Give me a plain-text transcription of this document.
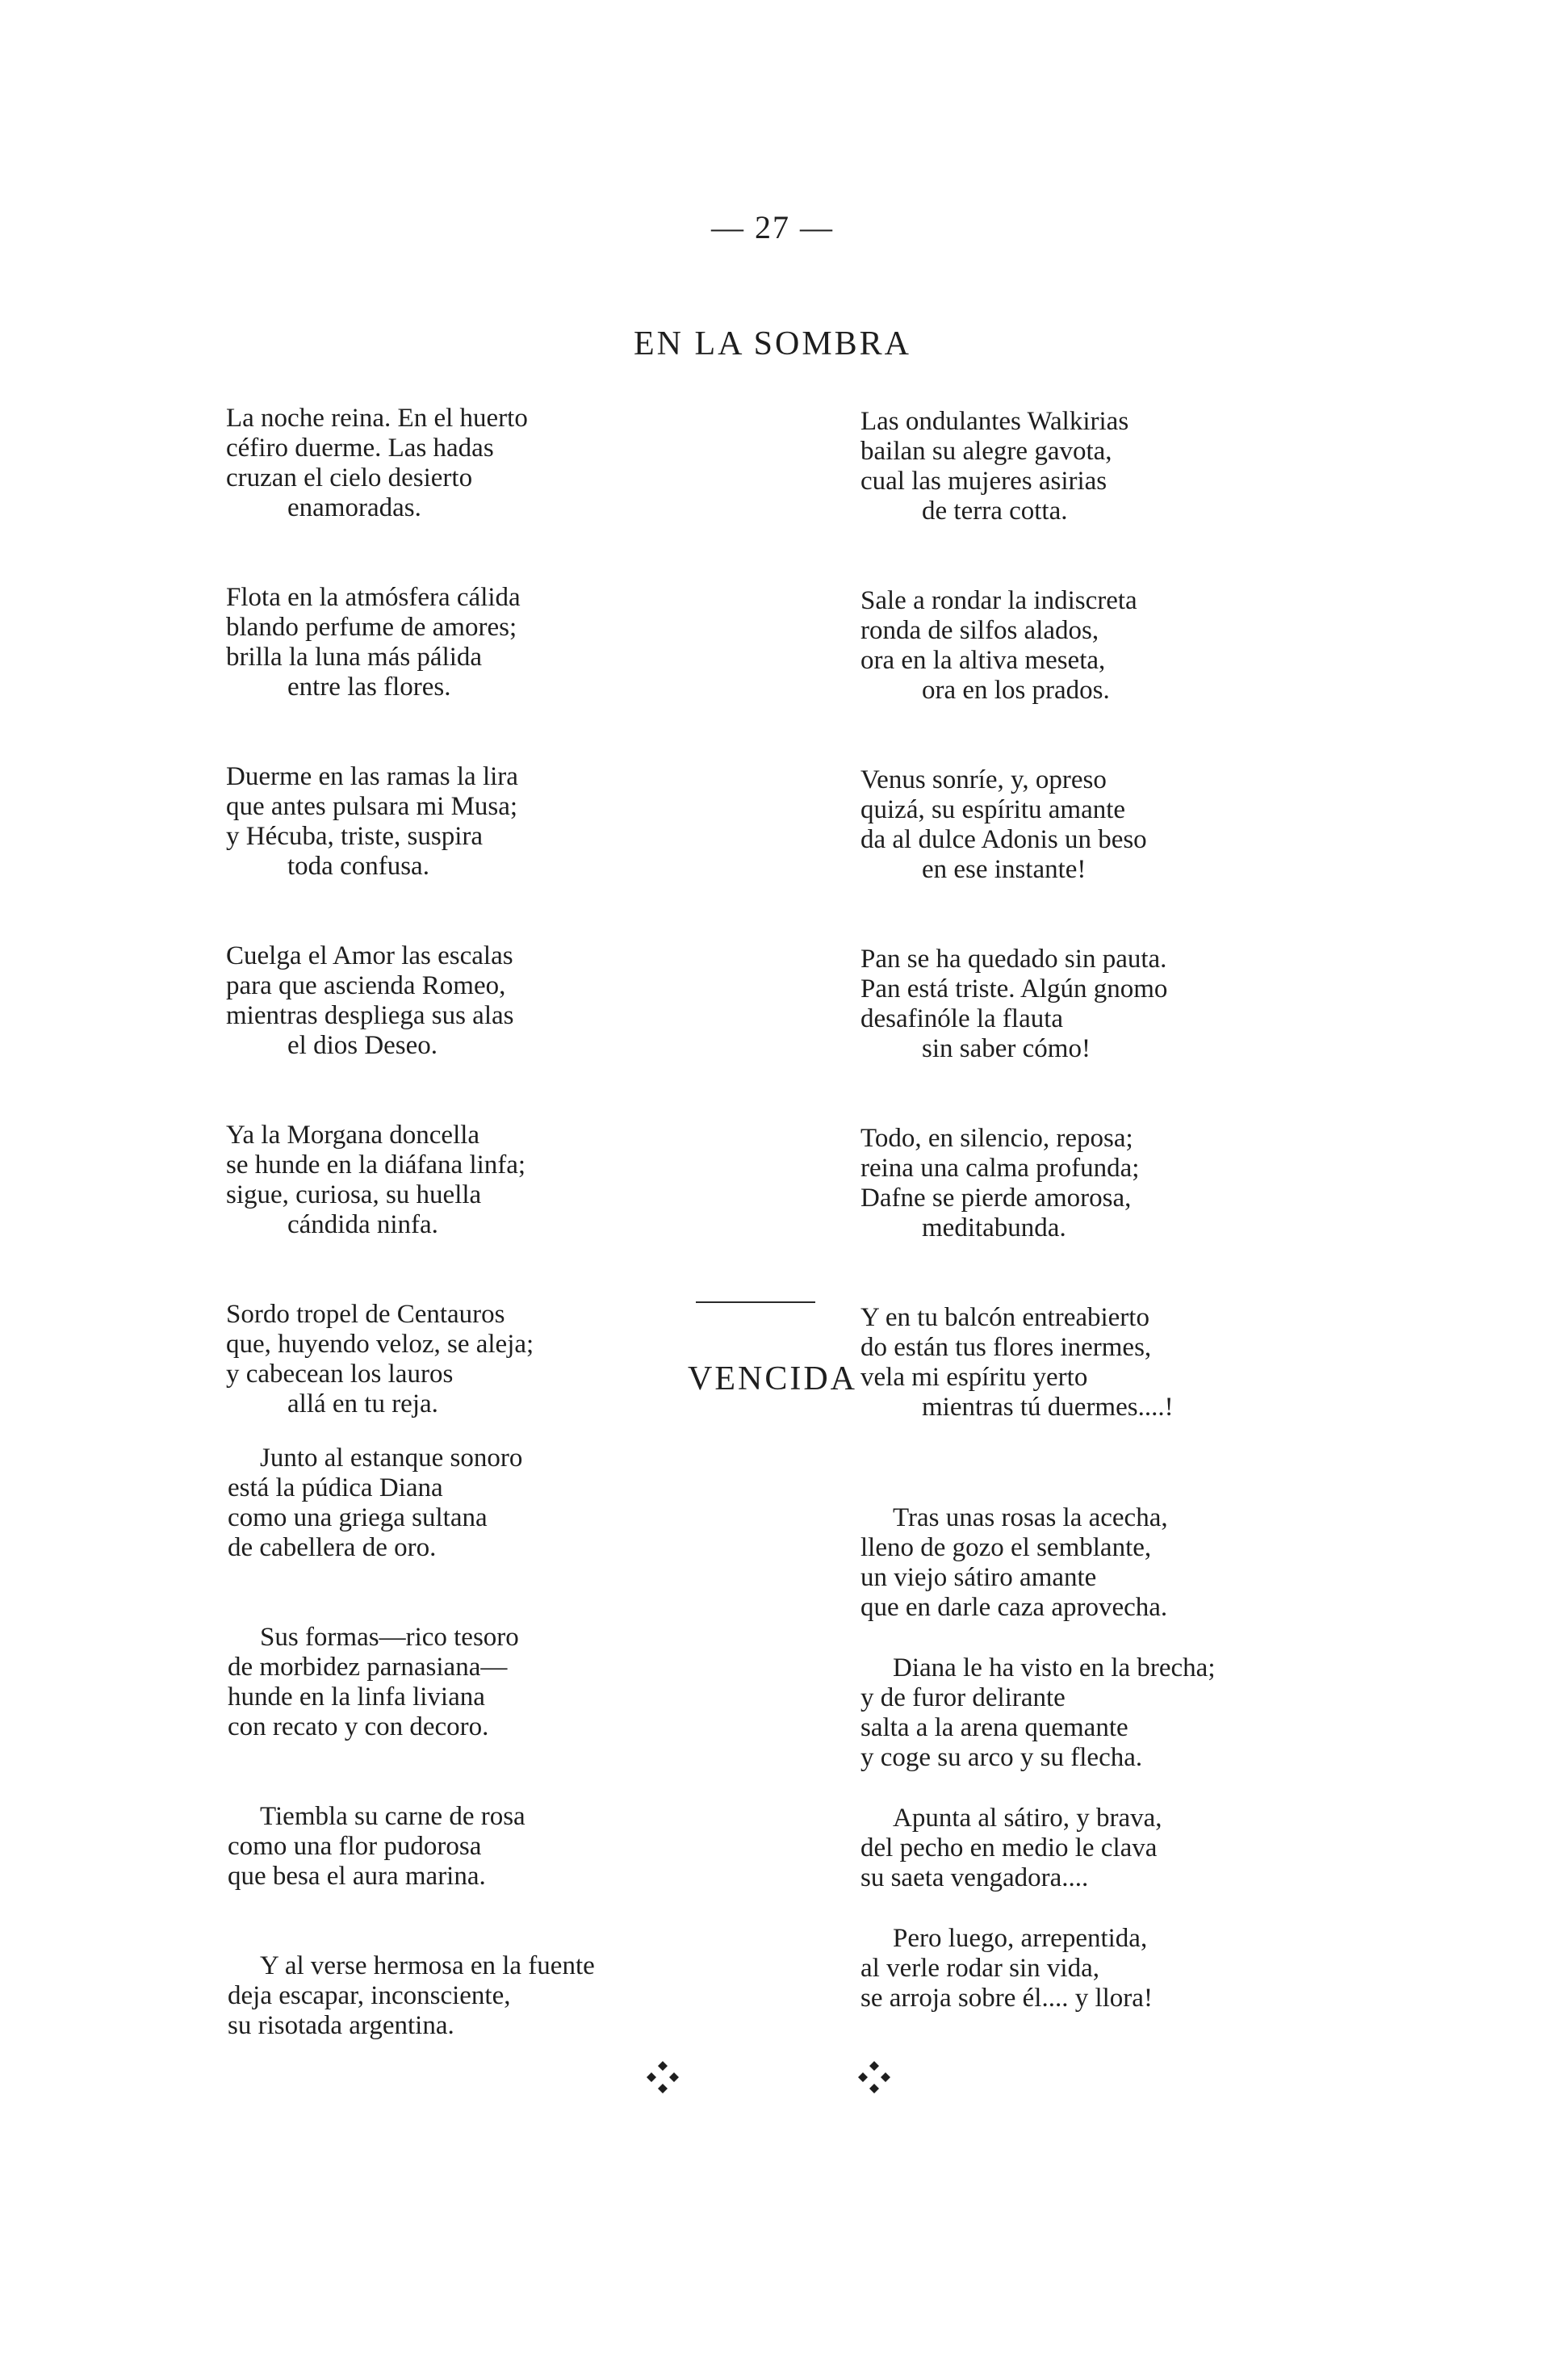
— 27 —
EN LA SOMBRA
La noche reina. En el huerto
céfiro duerme. Las hadas
cruzan el cielo desierto
enamoradas.
Flota en la atmósfera cálida
blando perfume de amores;
brilla la luna más pálida
entre las flores.
Duerme en las ramas la lira
que antes pulsara mi Musa;
y Hécuba, triste, suspira
toda confusa.
Cuelga el Amor las escalas
para que ascienda Romeo,
mientras despliega sus alas
el dios Deseo.
Ya la Morgana doncella
se hunde en la diáfana linfa;
sigue, curiosa, su huella
cándida ninfa.
Sordo tropel de Centauros
que, huyendo veloz, se aleja;
y cabecean los lauros
allá en tu reja.
Las ondulantes Walkirias
bailan su alegre gavota,
cual las mujeres asirias
de terra cotta.
Sale a rondar la indiscreta
ronda de silfos alados,
ora en la altiva meseta,
ora en los prados.
Venus sonríe, y, opreso
quizá, su espíritu amante
da al dulce Adonis un beso
en ese instante!
Pan se ha quedado sin pauta.
Pan está triste. Algún gnomo
desafinóle la flauta
sin saber cómo!
Todo, en silencio, reposa;
reina una calma profunda;
Dafne se pierde amorosa,
meditabunda.
Y en tu balcón entreabierto
do están tus flores inermes,
vela mi espíritu yerto
mientras tú duermes....!
VENCIDA
Junto al estanque sonoro
está la púdica Diana
como una griega sultana
de cabellera de oro.
Sus formas—rico tesoro
de morbidez parnasiana—
hunde en la linfa liviana
con recato y con decoro.
Tiembla su carne de rosa
como una flor pudorosa
que besa el aura marina.
Y al verse hermosa en la fuente
deja escapar, inconsciente,
su risotada argentina.
Tras unas rosas la acecha,
lleno de gozo el semblante,
un viejo sátiro amante
que en darle caza aprovecha.
Diana le ha visto en la brecha;
y de furor delirante
salta a la arena quemante
y coge su arco y su flecha.
Apunta al sátiro, y brava,
del pecho en medio le clava
su saeta vengadora....
Pero luego, arrepentida,
al verle rodar sin vida,
se arroja sobre él.... y llora!
